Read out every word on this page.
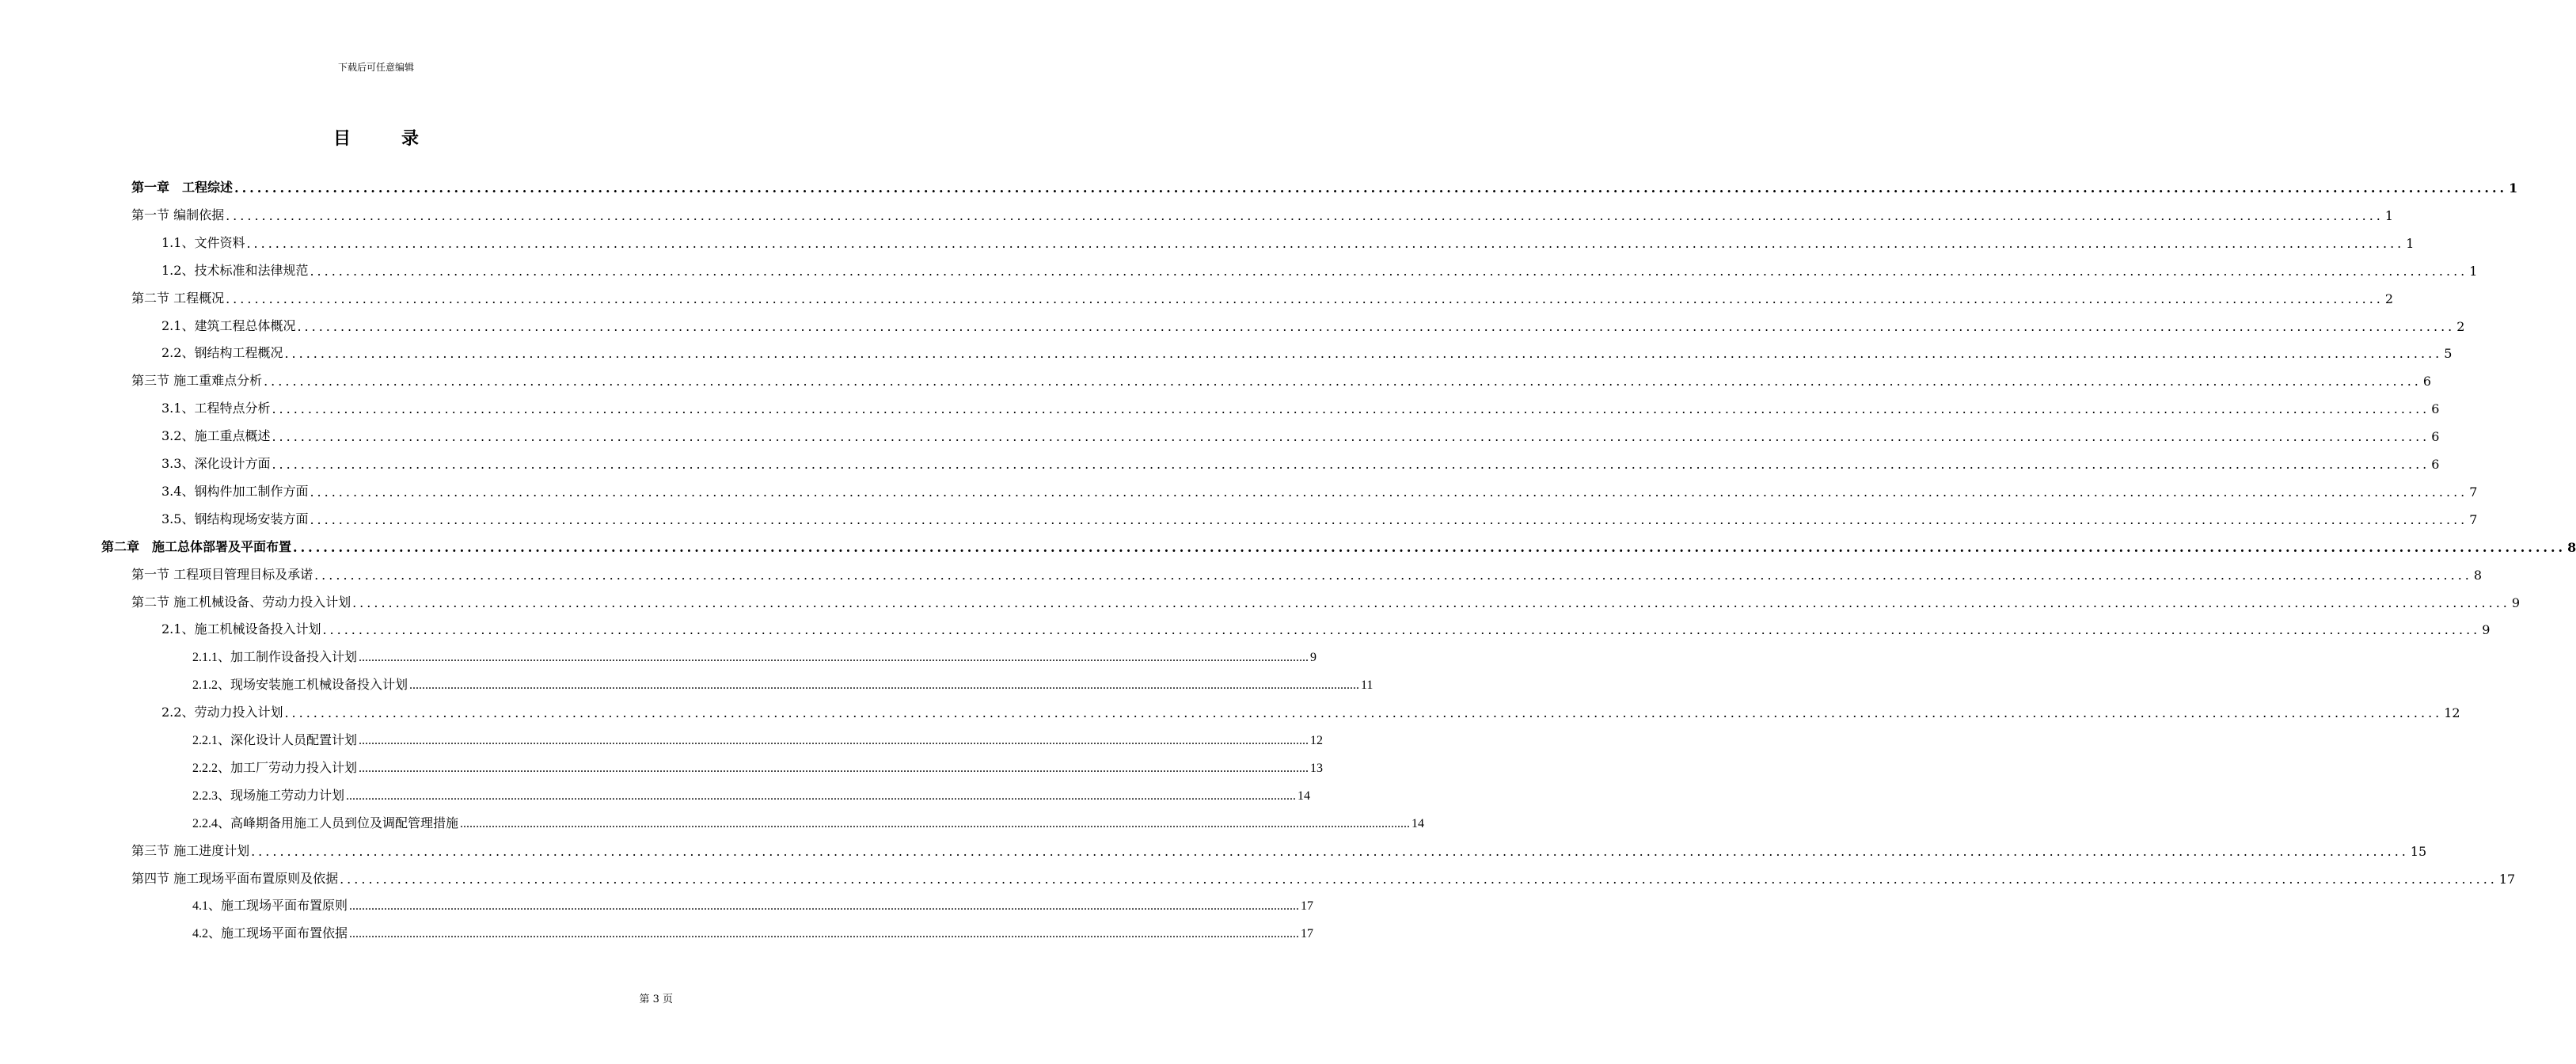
下载后可任意编辑
目	录
第一章　工程综述 ............................................................................................................................................................................................................................................................................................................ 1
第一节 编制依据 ............................................................................................................................................................................................................................................................................................................ 1
1.1、文件资料 ............................................................................................................................................................................................................................................................................................................ 1
1.2、技术标准和法律规范 ............................................................................................................................................................................................................................................................................................................ 1
第二节 工程概况 ............................................................................................................................................................................................................................................................................................................ 2
2.1、建筑工程总体概况 ............................................................................................................................................................................................................................................................................................................ 2
2.2、钢结构工程概况 ............................................................................................................................................................................................................................................................................................................ 5
第三节 施工重难点分析 ............................................................................................................................................................................................................................................................................................................ 6
3.1、工程特点分析 ............................................................................................................................................................................................................................................................................................................ 6
3.2、施工重点概述 ............................................................................................................................................................................................................................................................................................................ 6
3.3、深化设计方面 ............................................................................................................................................................................................................................................................................................................ 6
3.4、钢构件加工制作方面 ............................................................................................................................................................................................................................................................................................................ 7
3.5、钢结构现场安装方面 ............................................................................................................................................................................................................................................................................................................ 7
第二章　施工总体部署及平面布置 ............................................................................................................................................................................................................................................................................................................ 8
第一节 工程项目管理目标及承诺 ............................................................................................................................................................................................................................................................................................................ 8
第二节 施工机械设备、劳动力投入计划 ............................................................................................................................................................................................................................................................................................................ 9
2.1、施工机械设备投入计划 ............................................................................................................................................................................................................................................................................................................ 9
2.1.1、加工制作设备投入计划 ............................................................................................................................................................................................................................................................................................................ 9
2.1.2、现场安装施工机械设备投入计划 ............................................................................................................................................................................................................................................................................................................ 11
2.2、劳动力投入计划 ............................................................................................................................................................................................................................................................................................................ 12
2.2.1、深化设计人员配置计划 ............................................................................................................................................................................................................................................................................................................ 12
2.2.2、加工厂劳动力投入计划 ............................................................................................................................................................................................................................................................................................................ 13
2.2.3、现场施工劳动力计划 ............................................................................................................................................................................................................................................................................................................ 14
2.2.4、高峰期备用施工人员到位及调配管理措施 ............................................................................................................................................................................................................................................................................................................ 14
第三节 施工进度计划 ............................................................................................................................................................................................................................................................................................................ 15
第四节 施工现场平面布置原则及依据 ............................................................................................................................................................................................................................................................................................................ 17
4.1、施工现场平面布置原则 ............................................................................................................................................................................................................................................................................................................ 17
4.2、施工现场平面布置依据 ............................................................................................................................................................................................................................................................................................................ 17
第 3 页
